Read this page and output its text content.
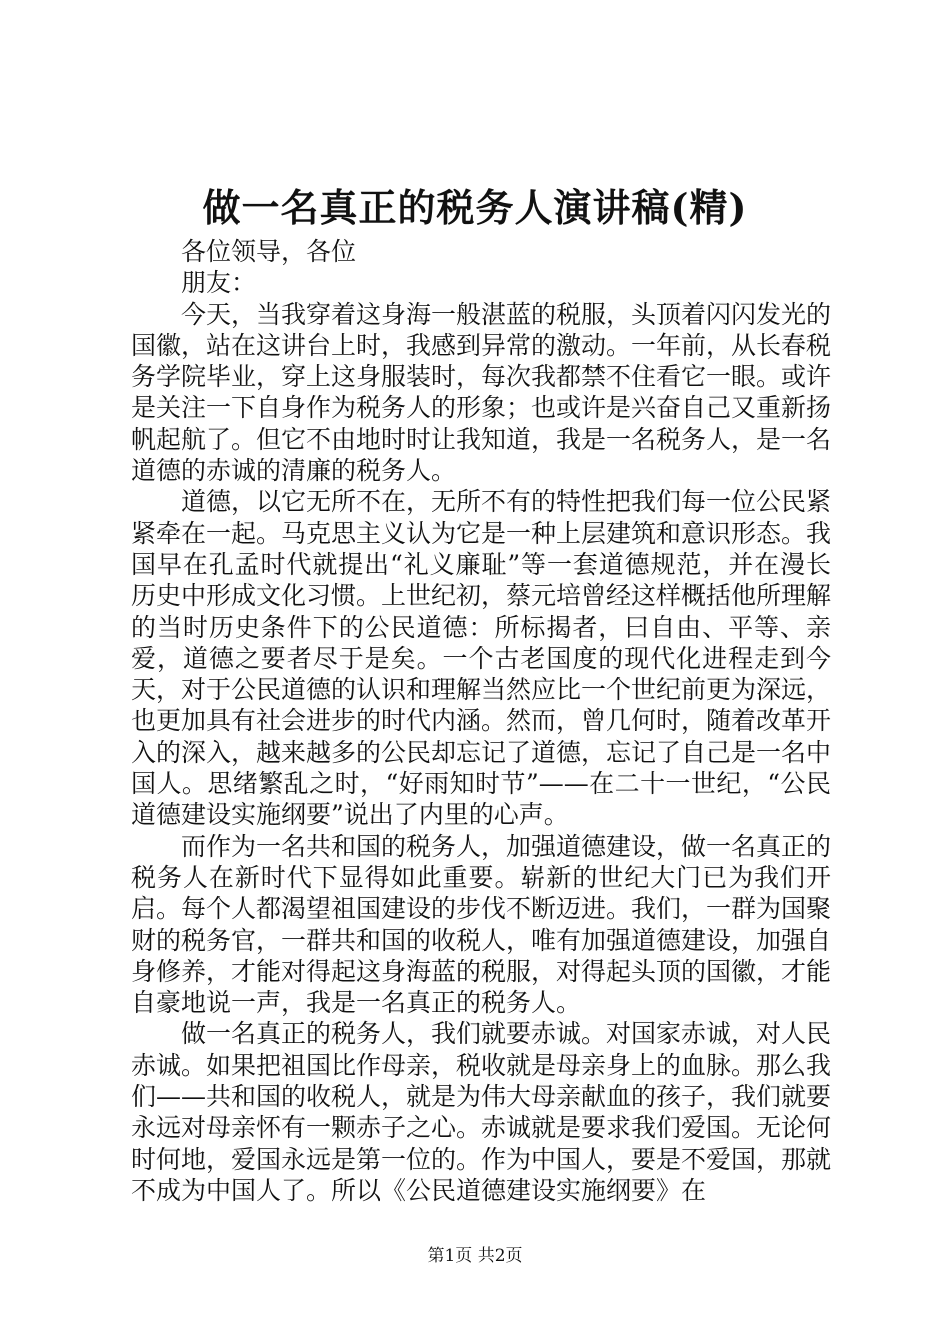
做一名真正的税务人演讲稿(精)

各位领导，各位

朋友：

今天，当我穿着这身海一般湛蓝的税服，头顶着闪闪发光的国徽，站在这讲台上时，我感到异常的激动。一年前，从长春税务学院毕业，穿上这身服装时，每次我都禁不住看它一眼。或许是关注一下自身作为税务人的形象；也或许是兴奋自己又重新扬帆起航了。但它不由地时时让我知道，我是一名税务人，是一名道德的赤诚的清廉的税务人。

道德，以它无所不在，无所不有的特性把我们每一位公民紧紧牵在一起。马克思主义认为它是一种上层建筑和意识形态。我国早在孔孟时代就提出“礼义廉耻”等一套道德规范，并在漫长历史中形成文化习惯。上世纪初，蔡元培曾经这样概括他所理解的当时历史条件下的公民道德：所标揭者，曰自由、平等、亲爱，道德之要者尽于是矣。一个古老国度的现代化进程走到今天，对于公民道德的认识和理解当然应比一个世纪前更为深远，也更加具有社会进步的时代内涵。然而，曾几何时，随着改革开入的深入，越来越多的公民却忘记了道德，忘记了自己是一名中国人。思绪繁乱之时，“好雨知时节”——在二十一世纪，“公民道德建设实施纲要”说出了内里的心声。

而作为一名共和国的税务人，加强道德建设，做一名真正的税务人在新时代下显得如此重要。崭新的世纪大门已为我们开启。每个人都渴望祖国建设的步伐不断迈进。我们，一群为国聚财的税务官，一群共和国的收税人，唯有加强道德建设，加强自身修养，才能对得起这身海蓝的税服，对得起头顶的国徽，才能自豪地说一声，我是一名真正的税务人。

做一名真正的税务人，我们就要赤诚。对国家赤诚，对人民赤诚。如果把祖国比作母亲，税收就是母亲身上的血脉。那么我们——共和国的收税人，就是为伟大母亲献血的孩子，我们就要永远对母亲怀有一颗赤子之心。赤诚就是要求我们爱国。无论何时何地，爱国永远是第一位的。作为中国人，要是不爱国，那就不成为中国人了。所以《公民道德建设实施纲要》在

第1页 共2页
